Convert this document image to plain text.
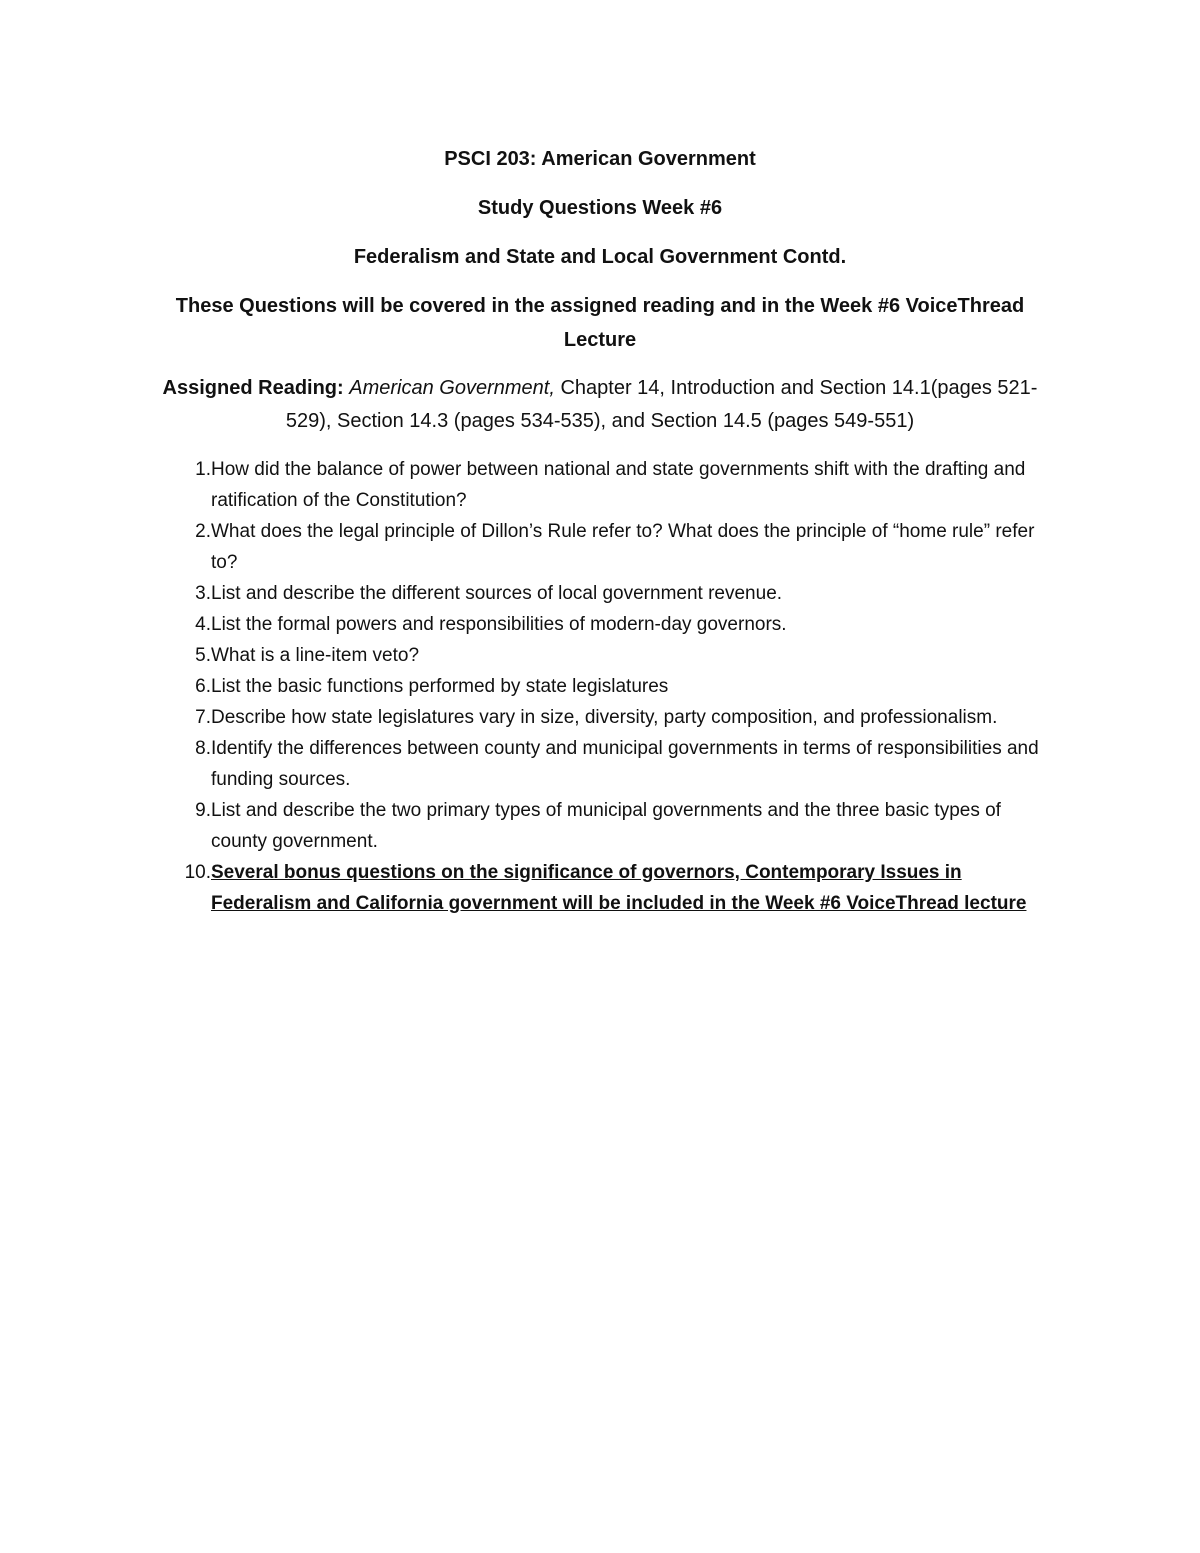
PSCI 203: American Government

Study Questions Week #6

Federalism and State and Local Government Contd.

These Questions will be covered in the assigned reading and in the Week #6 VoiceThread Lecture

Assigned Reading: American Government, Chapter 14, Introduction and Section 14.1(pages 521-529), Section 14.3 (pages 534-535), and Section 14.5 (pages 549-551)

1. How did the balance of power between national and state governments shift with the drafting and ratification of the Constitution?
2. What does the legal principle of Dillon’s Rule refer to? What does the principle of “home rule” refer to?
3. List and describe the different sources of local government revenue.
4. List the formal powers and responsibilities of modern-day governors.
5. What is a line-item veto?
6. List the basic functions performed by state legislatures
7. Describe how state legislatures vary in size, diversity, party composition, and professionalism.
8. Identify the differences between county and municipal governments in terms of responsibilities and funding sources.
9. List and describe the two primary types of municipal governments and the three basic types of county government.
10. Several bonus questions on the significance of governors, Contemporary Issues in Federalism and California government will be included in the Week #6 VoiceThread lecture
